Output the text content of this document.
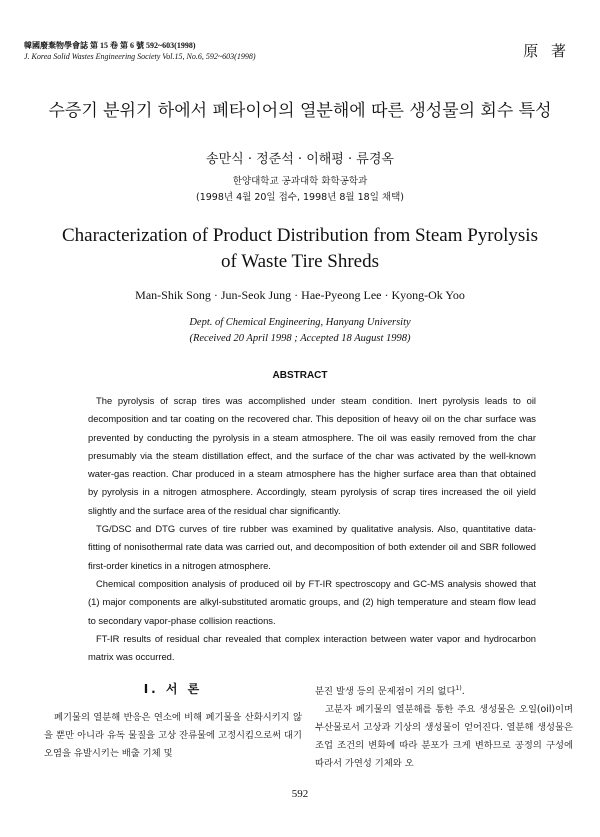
韓國廢棄物學會誌 第 15 卷 第 6 號 592~603(1998)
J. Korea Solid Wastes Engineering Society Vol.15, No.6, 592~603(1998)	原 著
수증기 분위기 하에서 폐타이어의 열분해에 따른 생성물의 회수 특성
송만식 · 정준석 · 이해평 · 류경옥
한양대학교 공과대학 화학공학과
(1998년 4월 20일 접수, 1998년 8월 18일 채택)
Characterization of Product Distribution from Steam Pyrolysis
of Waste Tire Shreds
Man-Shik Song · Jun-Seok Jung · Hae-Pyeong Lee · Kyong-Ok Yoo
Dept. of Chemical Engineering, Hanyang University
(Received 20 April 1998 ; Accepted 18 August 1998)
ABSTRACT

The pyrolysis of scrap tires was accomplished under steam condition. Inert pyrolysis leads to oil decomposition and tar coating on the recovered char. This deposition of heavy oil on the char surface was prevented by conducting the pyrolysis in a steam atmosphere. The oil was easily removed from the char presumably via the steam distillation effect, and the surface of the char was activated by the well-known water-gas reaction. Char produced in a steam atmosphere has the higher surface area than that obtained by pyrolysis in a nitrogen atmosphere. Accordingly, steam pyrolysis of scrap tires increased the oil yield slightly and the surface area of the residual char significantly.

TG/DSC and DTG curves of tire rubber was examined by qualitative analysis. Also, quantitative data-fitting of nonisothermal rate data was carried out, and decomposition of both extender oil and SBR followed first-order kinetics in a nitrogen atmosphere.

Chemical composition analysis of produced oil by FT-IR spectroscopy and GC-MS analysis showed that (1) major components are alkyl-substituted aromatic groups, and (2) high temperature and steam flow lead to secondary vapor-phase collision reactions.

FT-IR results of residual char revealed that complex interaction between water vapor and hydrocarbon matrix was occurred.

I. 서 론

폐기물의 열분해 반응은 연소에 비해 폐기물을 산화시키지 않을 뿐만 아니라 유독 물질을 고상 잔류물에 고정시킴으로써 대기오염을 유발시키는 배출 기체 및

분진 발생 등의 문제점이 거의 없다$^{1)}$.

고분자 폐기물의 열분해를 통한 주요 생성물은 오일(oil)이며 부산물로서 고상과 기상의 생성물이 얻어진다. 열분해 생성물은 조업 조건의 변화에 따라 분포가 크게 변하므로 공정의 구성에 따라서 가연성 기체와 오

592
